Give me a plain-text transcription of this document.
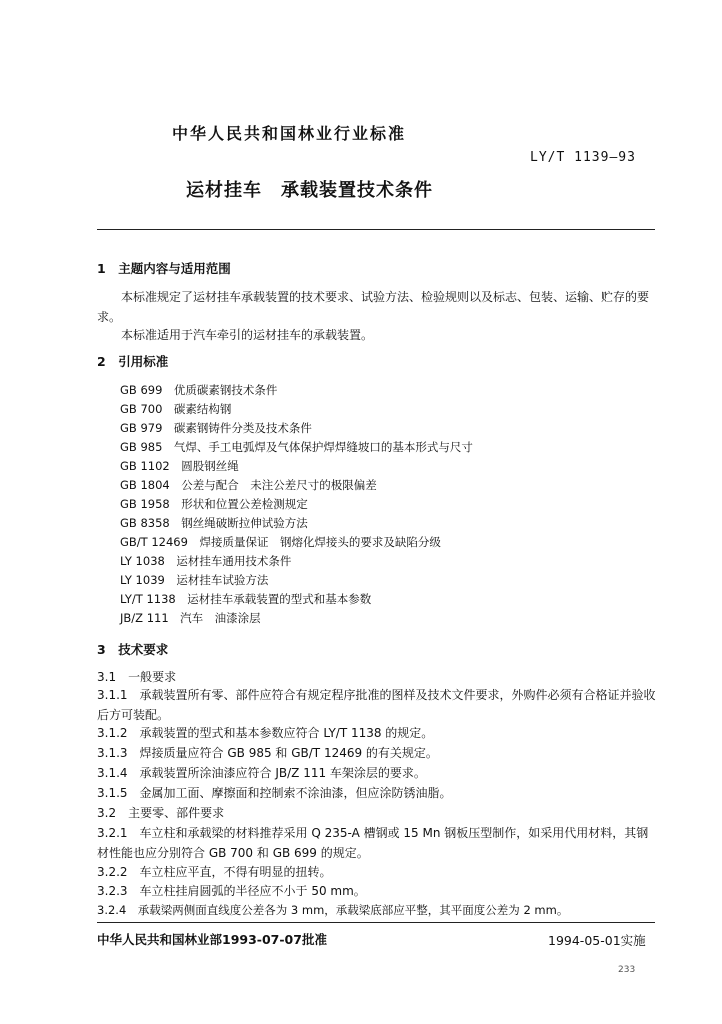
中华人民共和国林业行业标准
LY/T 1139—93
运材挂车　承载装置技术条件
1　主题内容与适用范围
本标准规定了运材挂车承载装置的技术要求、试验方法、检验规则以及标志、包装、运输、贮存的要求。
本标准适用于汽车牵引的运材挂车的承载装置。
2　引用标准
GB 699　优质碳素钢技术条件
GB 700　碳素结构钢
GB 979　碳素钢铸件分类及技术条件
GB 985　气焊、手工电弧焊及气体保护焊焊缝坡口的基本形式与尺寸
GB 1102　圆股钢丝绳
GB 1804　公差与配合　未注公差尺寸的极限偏差
GB 1958　形状和位置公差检测规定
GB 8358　钢丝绳破断拉伸试验方法
GB/T 12469　焊接质量保证　钢熔化焊接头的要求及缺陷分级
LY 1038　运材挂车通用技术条件
LY 1039　运材挂车试验方法
LY/T 1138　运材挂车承载装置的型式和基本参数
JB/Z 111　汽车　油漆涂层
3　技术要求
3.1　一般要求
3.1.1　承载装置所有零、部件应符合有规定程序批准的图样及技术文件要求，外购件必须有合格证并验收后方可装配。
3.1.2　承载装置的型式和基本参数应符合 LY/T 1138 的规定。
3.1.3　焊接质量应符合 GB 985 和 GB/T 12469 的有关规定。
3.1.4　承载装置所涂油漆应符合 JB/Z 111 车架涂层的要求。
3.1.5　金属加工面、摩擦面和控制索不涂油漆，但应涂防锈油脂。
3.2　主要零、部件要求
3.2.1　车立柱和承载梁的材料推荐采用 Q 235-A 槽钢或 15 Mn 钢板压型制作，如采用代用材料，其钢材性能也应分别符合 GB 700 和 GB 699 的规定。
3.2.2　车立柱应平直，不得有明显的扭转。
3.2.3　车立柱挂肩圆弧的半径应不小于 50 mm。
3.2.4　承载梁两侧面直线度公差各为 3 mm，承载梁底部应平整，其平面度公差为 2 mm。
中华人民共和国林业部1993-07-07批准	1994-05-01实施
233
